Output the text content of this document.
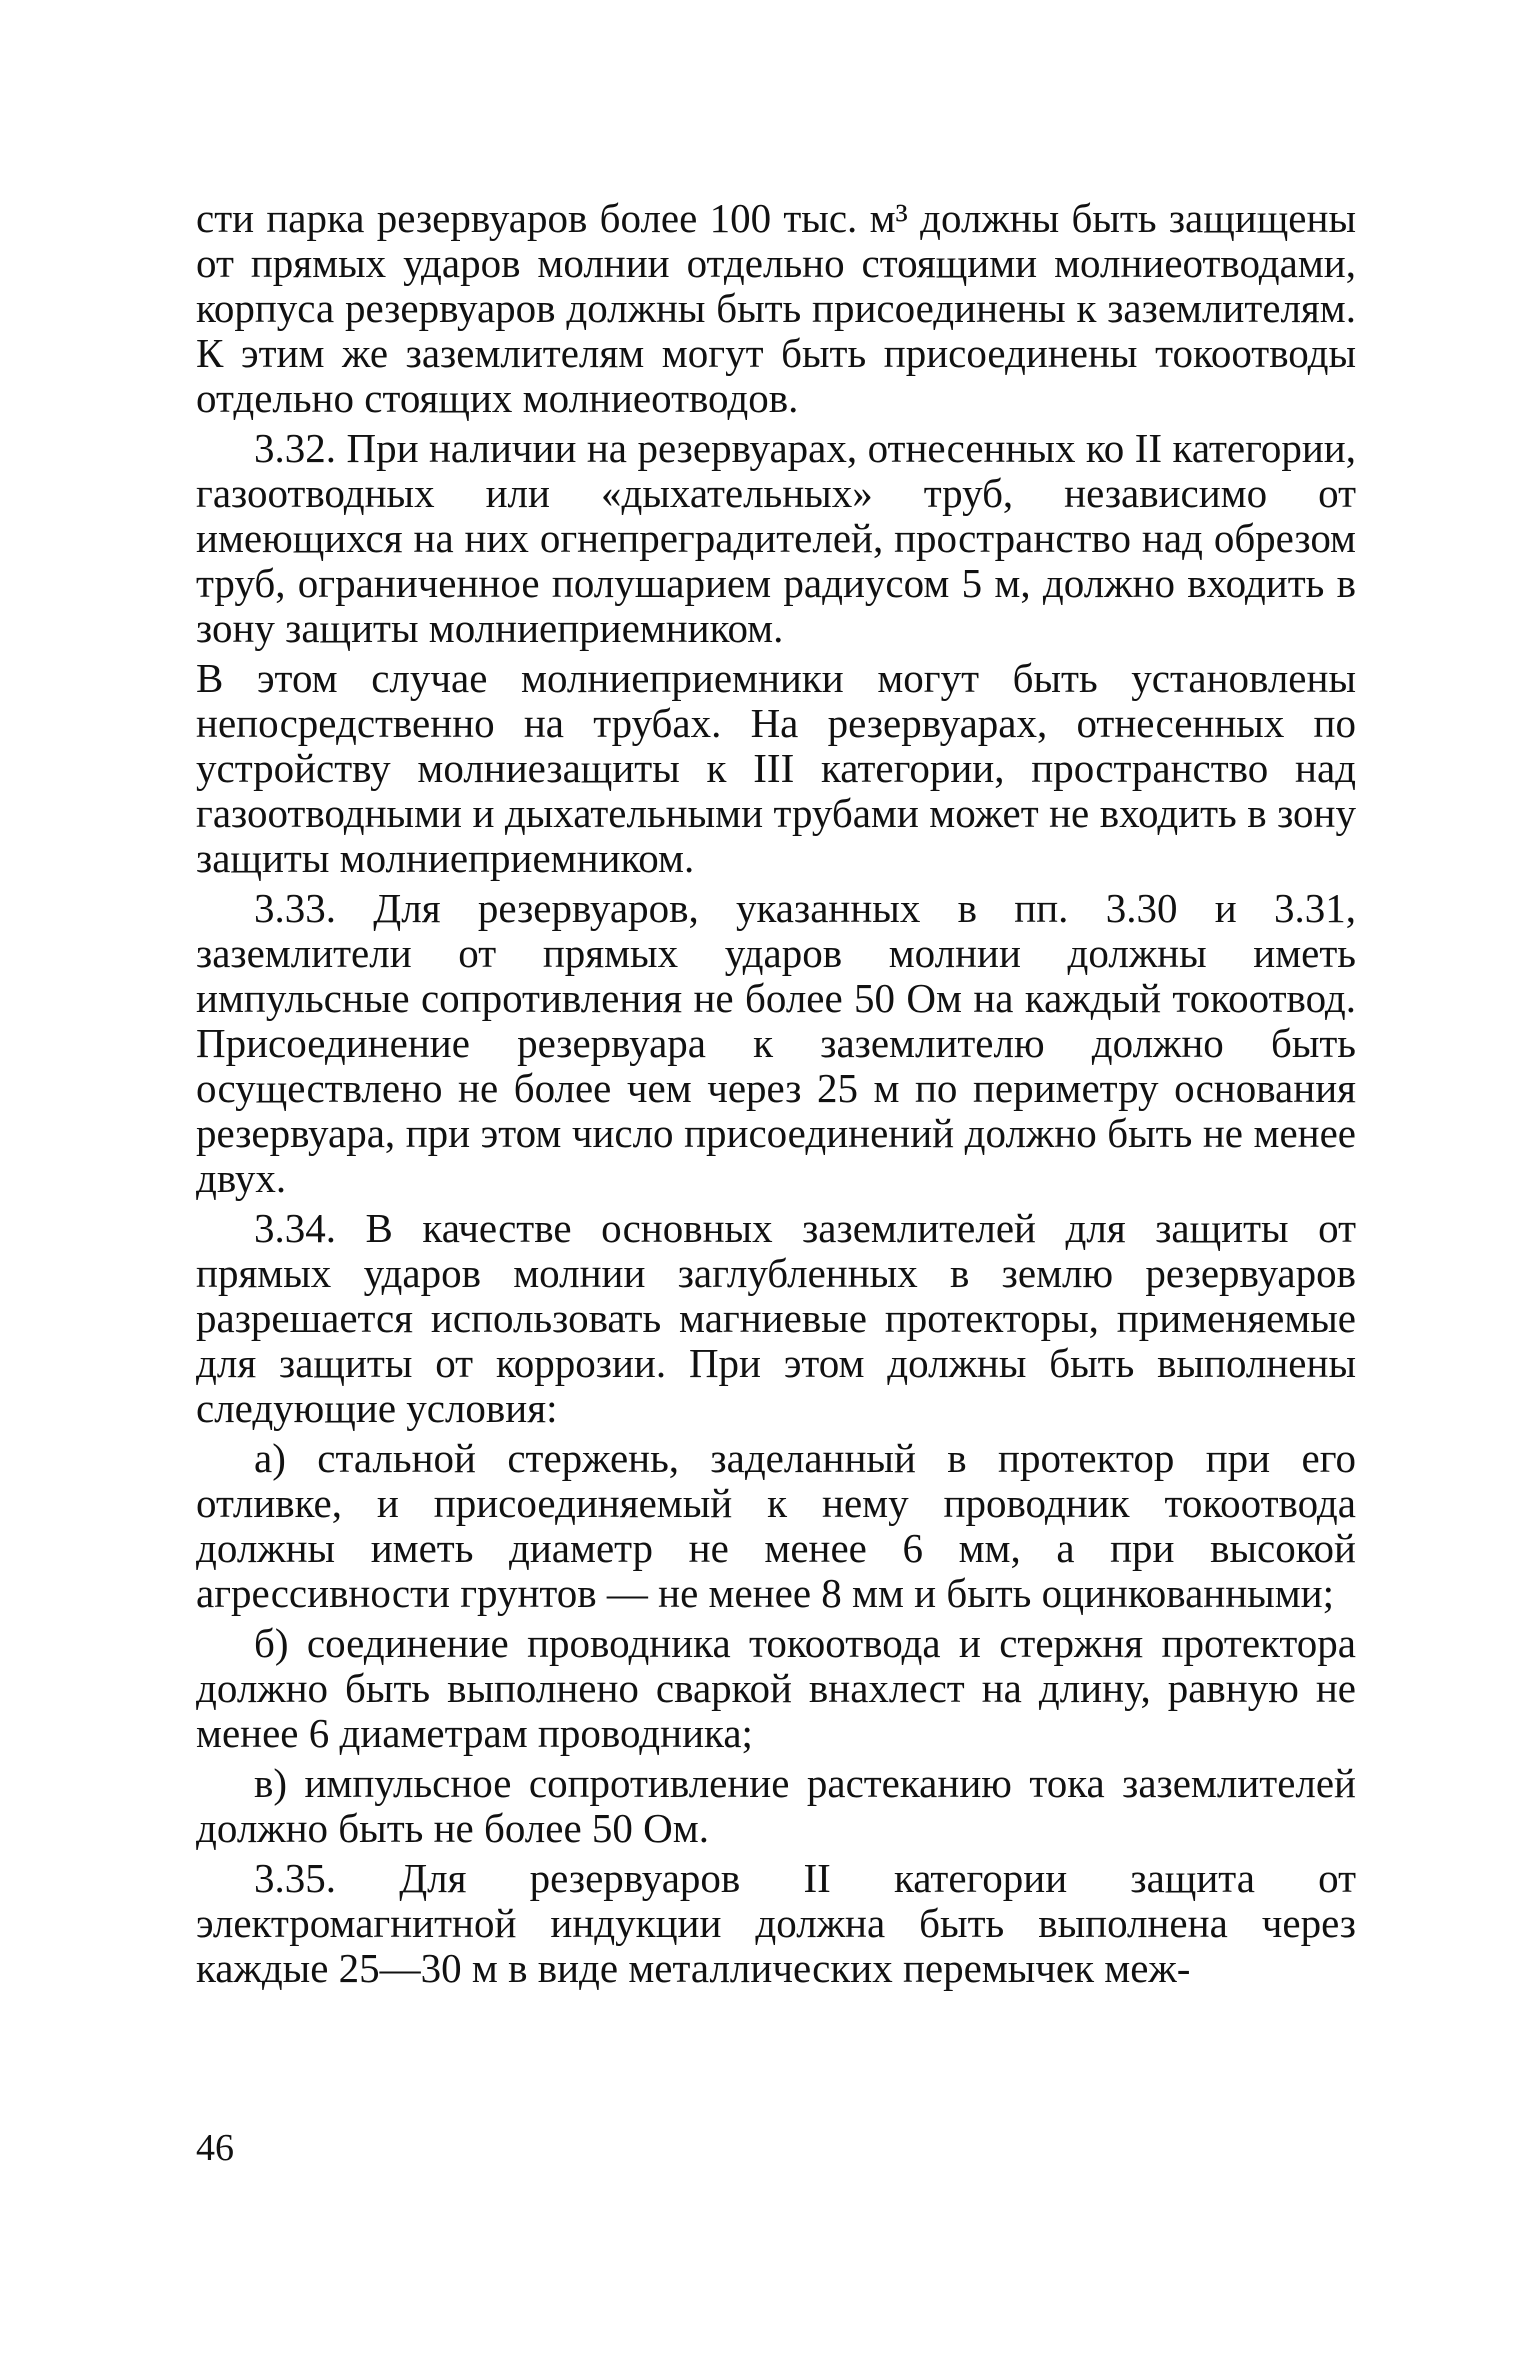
сти парка резервуаров более 100 тыс. м³ должны быть защищены от прямых ударов молнии отдельно стоящими молниеотводами, корпуса резервуаров должны быть присоединены к заземлителям. К этим же заземлителям могут быть присоединены токоотводы отдельно стоящих молниеотводов.

3.32. При наличии на резервуарах, отнесенных ко II категории, газоотводных или «дыхательных» труб, независимо от имеющихся на них огнепреградителей, пространство над обрезом труб, ограниченное полушарием радиусом 5 м, должно входить в зону защиты молниеприемником.

В этом случае молниеприемники могут быть установлены непосредственно на трубах. На резервуарах, отнесенных по устройству молниезащиты к III категории, пространство над газоотводными и дыхательными трубами может не входить в зону защиты молниеприемником.

3.33. Для резервуаров, указанных в пп. 3.30 и 3.31, заземлители от прямых ударов молнии должны иметь импульсные сопротивления не более 50 Ом на каждый токоотвод. Присоединение резервуара к заземлителю должно быть осуществлено не более чем через 25 м по периметру основания резервуара, при этом число присоединений должно быть не менее двух.

3.34. В качестве основных заземлителей для защиты от прямых ударов молнии заглубленных в землю резервуаров разрешается использовать магниевые протекторы, применяемые для защиты от коррозии. При этом должны быть выполнены следующие условия:

а) стальной стержень, заделанный в протектор при его отливке, и присоединяемый к нему проводник токоотвода должны иметь диаметр не менее 6 мм, а при высокой агрессивности грунтов — не менее 8 мм и быть оцинкованными;

б) соединение проводника токоотвода и стержня протектора должно быть выполнено сваркой внахлест на длину, равную не менее 6 диаметрам проводника;

в) импульсное сопротивление растеканию тока заземлителей должно быть не более 50 Ом.

3.35. Для резервуаров II категории защита от электромагнитной индукции должна быть выполнена через каждые 25—30 м в виде металлических перемычек меж-

46
